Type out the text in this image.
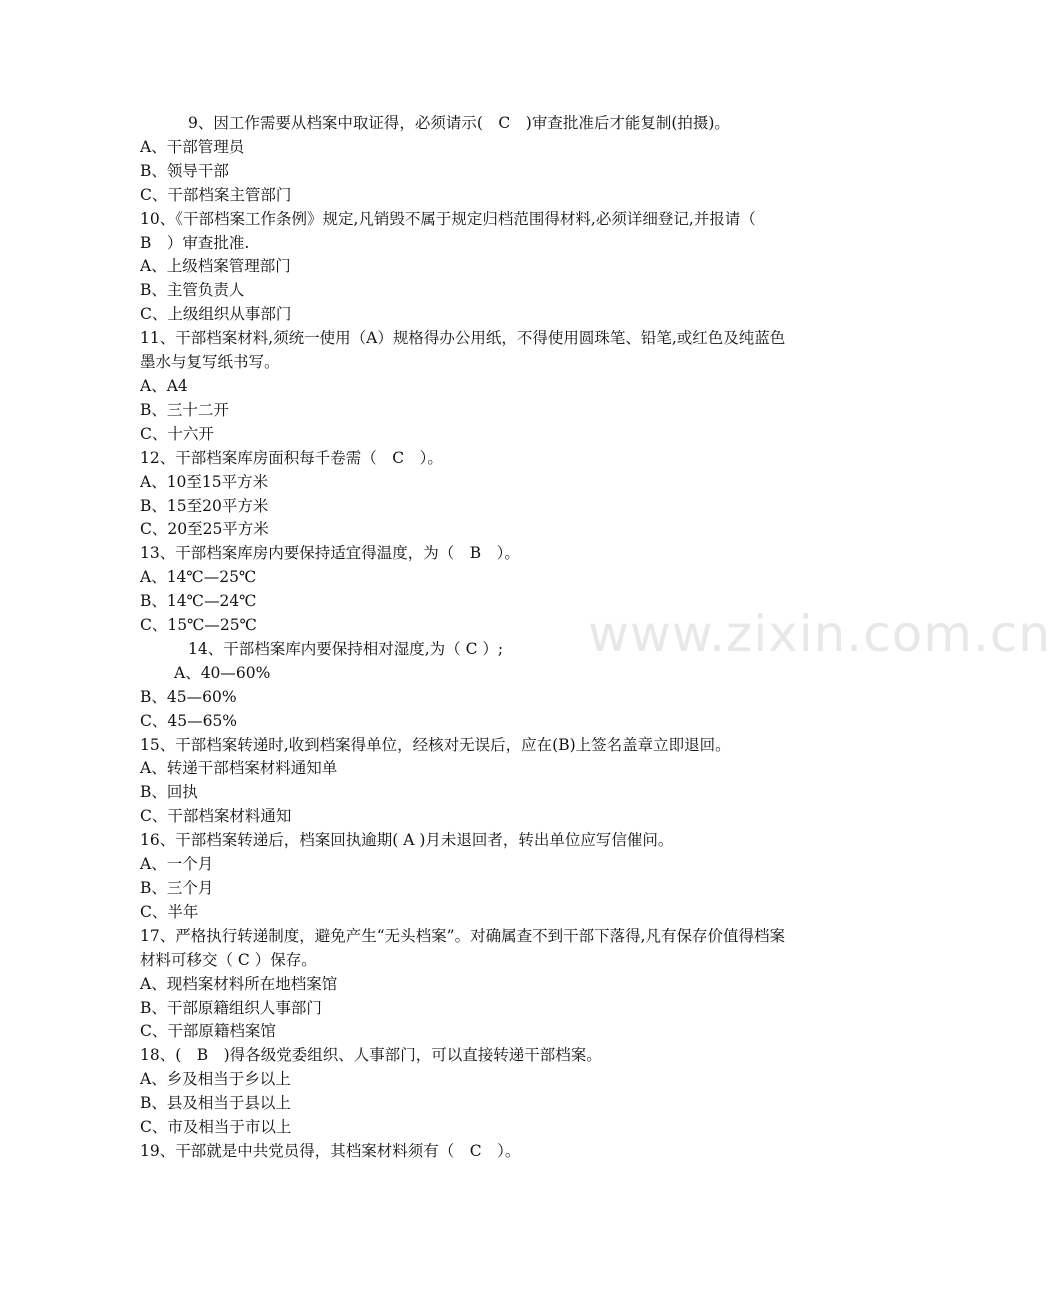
www.zixin.com.cn
9、因工作需要从档案中取证得，必须请示(　C　)审查批准后才能复制(拍摄)。
A、干部管理员
B、领导干部
C、干部档案主管部门
10、《干部档案工作条例》规定,凡销毁不属于规定归档范围得材料,必须详细登记,并报请（　B　）审查批准.
A、上级档案管理部门
B、主管负责人
C、上级组织从事部门
11、干部档案材料,须统一使用（A）规格得办公用纸，不得使用圆珠笔、铅笔,或红色及纯蓝色墨水与复写纸书写。
A、A4
B、三十二开
C、十六开
12、干部档案库房面积每千卷需（　C　）。
A、10至15平方米
B、15至20平方米
C、20至25平方米
13、干部档案库房内要保持适宜得温度，为（　B　）。
A、14℃—25℃
B、14℃—24℃
C、15℃—25℃
14、干部档案库内要保持相对湿度,为（ C ）;
A、40—60%
B、45—60%
C、45—65%
15、干部档案转递时,收到档案得单位，经核对无误后，应在(B)上签名盖章立即退回。
A、转递干部档案材料通知单
B、回执
C、干部档案材料通知
16、干部档案转递后，档案回执逾期( A )月未退回者，转出单位应写信催问。
A、一个月
B、三个月
C、半年
17、严格执行转递制度，避免产生“无头档案”。对确属查不到干部下落得,凡有保存价值得档案材料可移交（ C ）保存。
A、现档案材料所在地档案馆
B、干部原籍组织人事部门
C、干部原籍档案馆
18、(　B　)得各级党委组织、人事部门，可以直接转递干部档案。
A、乡及相当于乡以上
B、县及相当于县以上
C、市及相当于市以上
19、干部就是中共党员得，其档案材料须有（　C　）。
